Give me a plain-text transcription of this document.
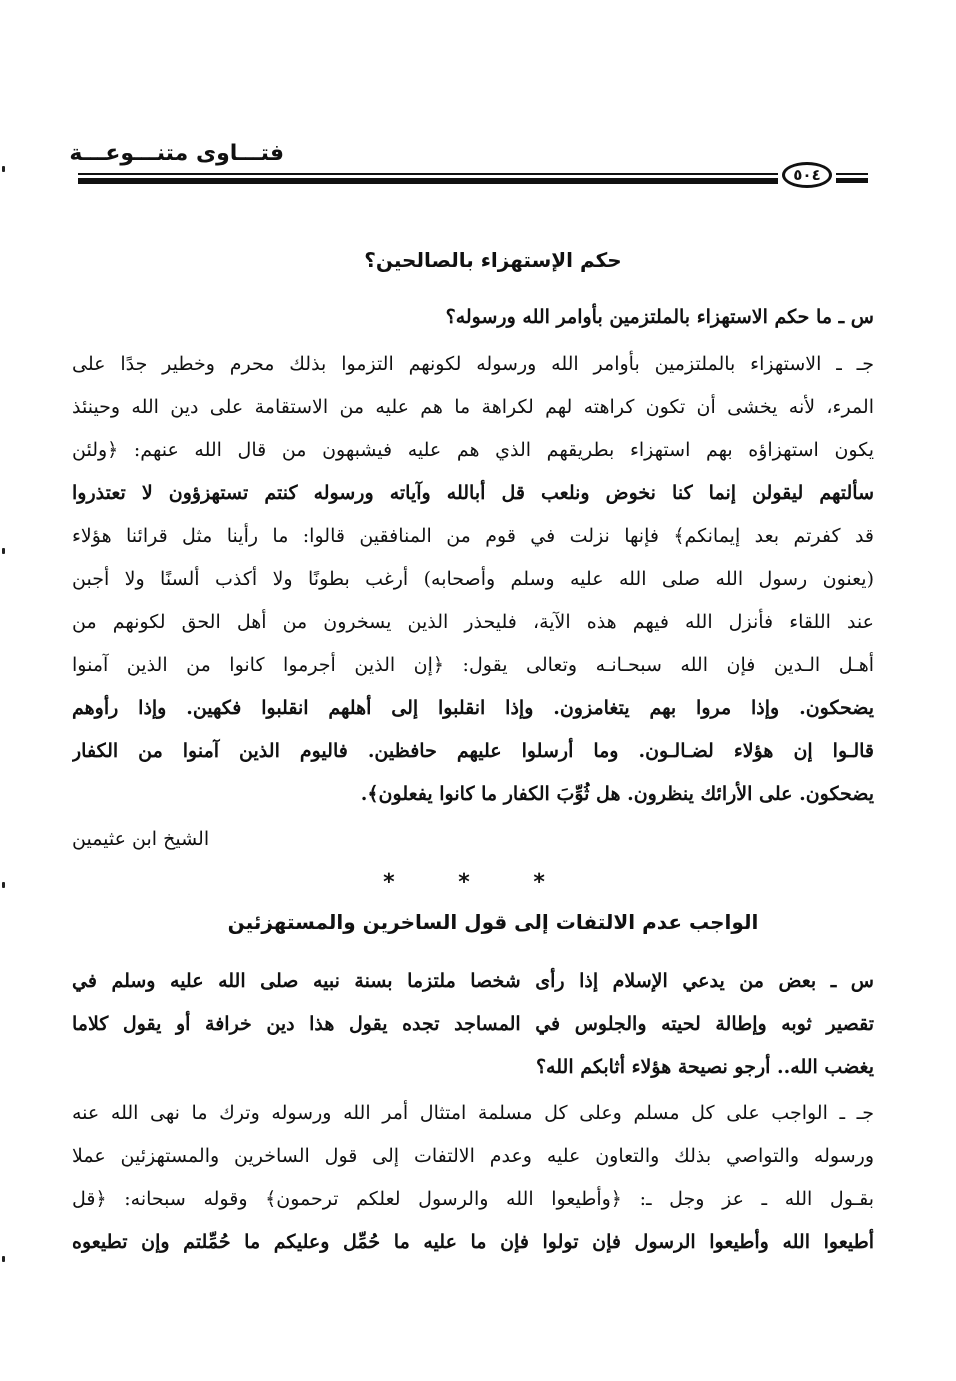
فتـــاوى متنـــوعـــة
٥٠٤
حكم الإستهزاء بالصالحين؟
س ـ ما حكم الاستهزاء بالملتزمين بأوامر الله ورسوله؟
جـ ـ الاستهزاء بالملتزمين بأوامر الله ورسوله لكونهم التزموا بذلك محرم وخطير جدًا على
المرء، لأنه يخشى أن تكون كراهته لهم لكراهة ما هم عليه من الاستقامة على دين الله وحينئذ
يكون استهزاؤه بهم استهزاء بطريقهم الذي هم عليه فيشبهون من قال الله عنهم: ﴿ولئن
سألتهم ليقولن إنما كنا نخوض ونلعب قل أبالله وآياته ورسوله كنتم تستهزؤون لا تعتذروا
قد كفرتم بعد إيمانكم﴾ فإنها نزلت في قوم من المنافقين قالوا: ما رأينا مثل قرائنا هؤلاء
(يعنون رسول الله صلى الله عليه وسلم وأصحابه) أرغب بطونًا ولا أكذب ألسنًا ولا أجبن
عند اللقاء فأنزل الله فيهم هذه الآية، فليحذر الذين يسخرون من أهل الحق لكونهم من
أهـل الـدين فإن الله سبحـانـه وتعالى يقول: ﴿إن الذين أجرموا كانوا من الذين آمنوا
يضحكون. وإذا مروا بهم يتغامزون. وإذا انقلبوا إلى أهلهم انقلبوا فكهين. وإذا رأوهم
قالـوا إن هؤلاء لضـالـون. وما أرسلوا عليهم حافظين. فاليوم الذين آمنوا من الكفار
يضحكون. على الأرائك ينظرون. هل ثُوِّبَ الكفار ما كانوا يفعلون﴾.
الشيخ ابن عثيمين
* * *
الواجب عدم الالتفات إلى قول الساخرين والمستهزئين
س ـ بعض من يدعي الإسلام إذا رأى شخصا ملتزما بسنة نبيه صلى الله عليه وسلم في
تقصير ثوبه وإطالة لحيته والجلوس في المساجد تجده يقول هذا دين خرافة أو يقول كلاما
يغضب الله.. أرجو نصيحة هؤلاء أثابكم الله؟
جـ ـ الواجب على كل مسلم وعلى كل مسلمة امتثال أمر الله ورسوله وترك ما نهى الله عنه
ورسوله والتواصي بذلك والتعاون عليه وعدم الالتفات إلى قول الساخرين والمستهزئين عملا
بقـول الله ـ عز وجل ـ: ﴿وأطيعوا الله والرسول لعلكم ترحمون﴾ وقوله سبحانه: ﴿قل
أطيعوا الله وأطيعوا الرسول فإن تولوا فإن ما عليه ما حُمِّل وعليكم ما حُمِّلتم وإن تطيعوه
